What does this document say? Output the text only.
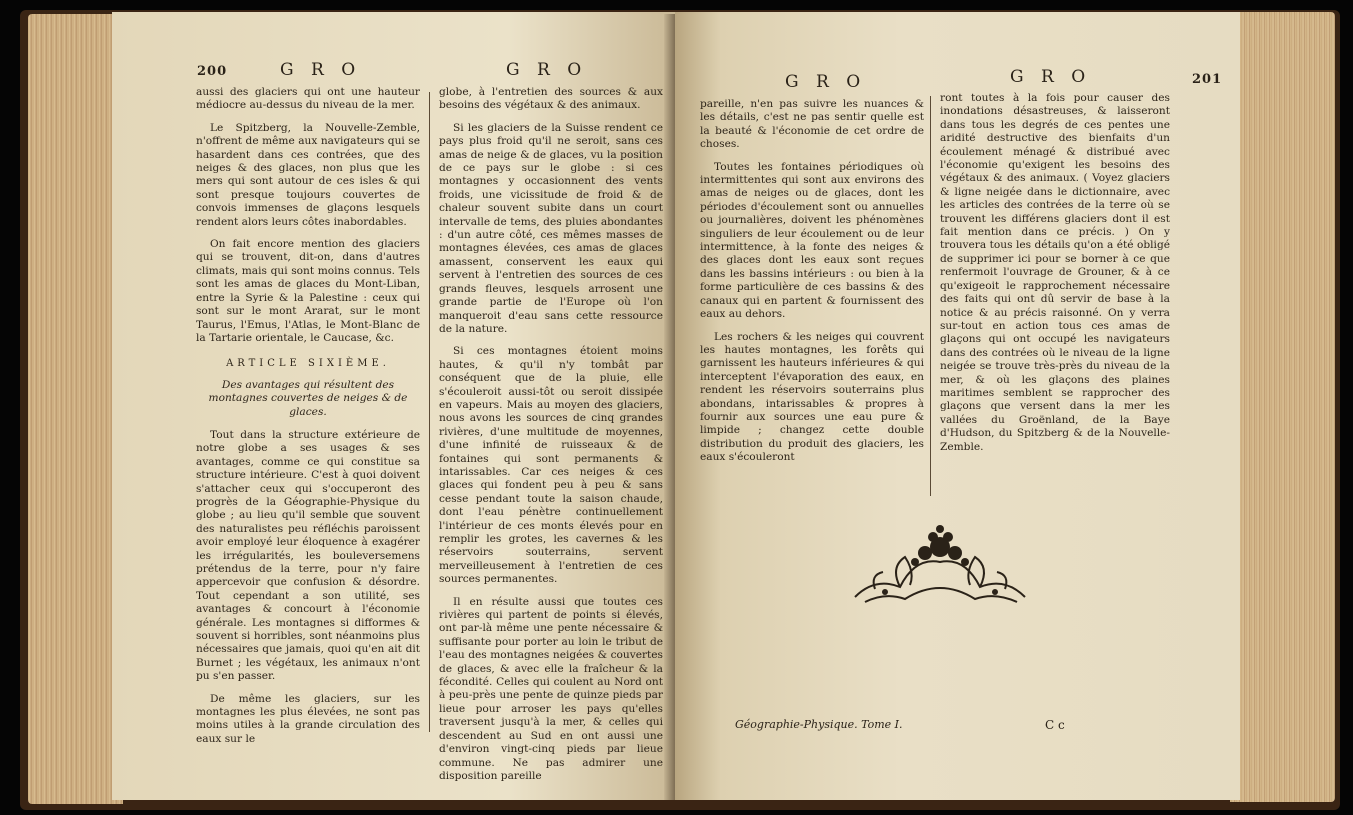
200	G R O	G R O

aussi des glaciers qui ont une hauteur médiocre au-dessus du niveau de la mer.

Le Spitzberg, la Nouvelle-Zemble, n'offrent de même aux navigateurs qui se hasardent dans ces contrées, que des neiges & des glaces, non plus que les mers qui sont autour de ces isles & qui sont presque toujours couvertes de convois immenses de glaçons lesquels rendent alors leurs côtes inabordables.

On fait encore mention des glaciers qui se trouvent, dit-on, dans d'autres climats, mais qui sont moins connus. Tels sont les amas de glaces du Mont-Liban, entre la Syrie & la Palestine : ceux qui sont sur le mont Ararat, sur le mont Taurus, l'Emus, l'Atlas, le Mont-Blanc de la Tartarie orientale, le Caucase, &c.

ARTICLE SIXIÈME.

Des avantages qui résultent des montagnes couvertes de neiges & de glaces.

Tout dans la structure extérieure de notre globe a ses usages & ses avantages, comme ce qui constitue sa structure intérieure. C'est à quoi doivent s'attacher ceux qui s'occuperont des progrès de la Géographie-Physique du globe ; au lieu qu'il semble que souvent des naturalistes peu réfléchis paroissent avoir employé leur éloquence à exagérer les irrégularités, les bouleversemens prétendus de la terre, pour n'y faire appercevoir que confusion & désordre. Tout cependant a son utilité, ses avantages & concourt à l'économie générale. Les montagnes si difformes & souvent si horribles, sont néanmoins plus nécessaires que jamais, quoi qu'en ait dit Burnet ; les végétaux, les animaux n'ont pu s'en passer.

De même les glaciers, sur les montagnes les plus élevées, ne sont pas moins utiles à la grande circulation des eaux sur le

globe, à l'entretien des sources & aux besoins des végétaux & des animaux.

Si les glaciers de la Suisse rendent ce pays plus froid qu'il ne seroit, sans ces amas de neige & de glaces, vu la position de ce pays sur le globe : si ces montagnes y occasionnent des vents froids, une vicissitude de froid & de chaleur souvent subite dans un court intervalle de tems, des pluies abondantes : d'un autre côté, ces mêmes masses de montagnes élevées, ces amas de glaces amassent, conservent les eaux qui servent à l'entretien des sources de ces grands fleuves, lesquels arrosent une grande partie de l'Europe où l'on manqueroit d'eau sans cette ressource de la nature.

Si ces montagnes étoient moins hautes, & qu'il n'y tombât par conséquent que de la pluie, elle s'écouleroit aussi-tôt ou seroit dissipée en vapeurs. Mais au moyen des glaciers, nous avons les sources de cinq grandes rivières, d'une multitude de moyennes, d'une infinité de ruisseaux & de fontaines qui sont permanents & intarissables. Car ces neiges & ces glaces qui fondent peu à peu & sans cesse pendant toute la saison chaude, dont l'eau pénètre continuellement l'intérieur de ces monts élevés pour en remplir les grotes, les cavernes & les réservoirs souterrains, servent merveilleusement à l'entretien de ces sources permanentes.

Il en résulte aussi que toutes ces rivières qui partent de points si élevés, ont par-là même une pente nécessaire & suffisante pour porter au loin le tribut de l'eau des montagnes neigées & couvertes de glaces, & avec elle la fraîcheur & la fécondité. Celles qui coulent au Nord ont à peu-près une pente de quinze pieds par lieue pour arroser les pays qu'elles traversent jusqu'à la mer, & celles qui descendent au Sud en ont aussi une d'environ vingt-cinq pieds par lieue commune. Ne pas admirer une disposition pareille

G R O	G R O	201

pareille, n'en pas suivre les nuances & les détails, c'est ne pas sentir quelle est la beauté & l'économie de cet ordre de choses.

Toutes les fontaines périodiques où intermittentes qui sont aux environs des amas de neiges ou de glaces, dont les périodes d'écoulement sont ou annuelles ou journalières, doivent les phénomènes singuliers de leur écoulement ou de leur intermittence, à la fonte des neiges & des glaces dont les eaux sont reçues dans les bassins intérieurs : ou bien à la forme particulière de ces bassins & des canaux qui en partent & fournissent des eaux au dehors.

Les rochers & les neiges qui couvrent les hautes montagnes, les forêts qui garnissent les hauteurs inférieures & qui interceptent l'évaporation des eaux, en rendent les réservoirs souterrains plus abondans, intarissables & propres à fournir aux sources une eau pure & limpide ; changez cette double distribution du produit des glaciers, les eaux s'écouleront

ront toutes à la fois pour causer des inondations désastreuses, & laisseront dans tous les degrés de ces pentes une aridité destructive des bienfaits d'un écoulement ménagé & distribué avec l'économie qu'exigent les besoins des végétaux & des animaux. ( Voyez glaciers & ligne neigée dans le dictionnaire, avec les articles des contrées de la terre où se trouvent les différens glaciers dont il est fait mention dans ce précis. ) On y trouvera tous les détails qu'on a été obligé de supprimer ici pour se borner à ce que renfermoit l'ouvrage de Grouner, & à ce qu'exigeoit le rapprochement nécessaire des faits qui ont dû servir de base à la notice & au précis raisonné. On y verra sur-tout en action tous ces amas de glaçons qui ont occupé les navigateurs dans des contrées où le niveau de la ligne neigée se trouve très-près du niveau de la mer, & où les glaçons des plaines maritimes semblent se rapprocher des glaçons que versent dans la mer les vallées du Groënland, de la Baye d'Hudson, du Spitzberg & de la Nouvelle-Zemble.

Géographie-Physique. Tome I.	C c
